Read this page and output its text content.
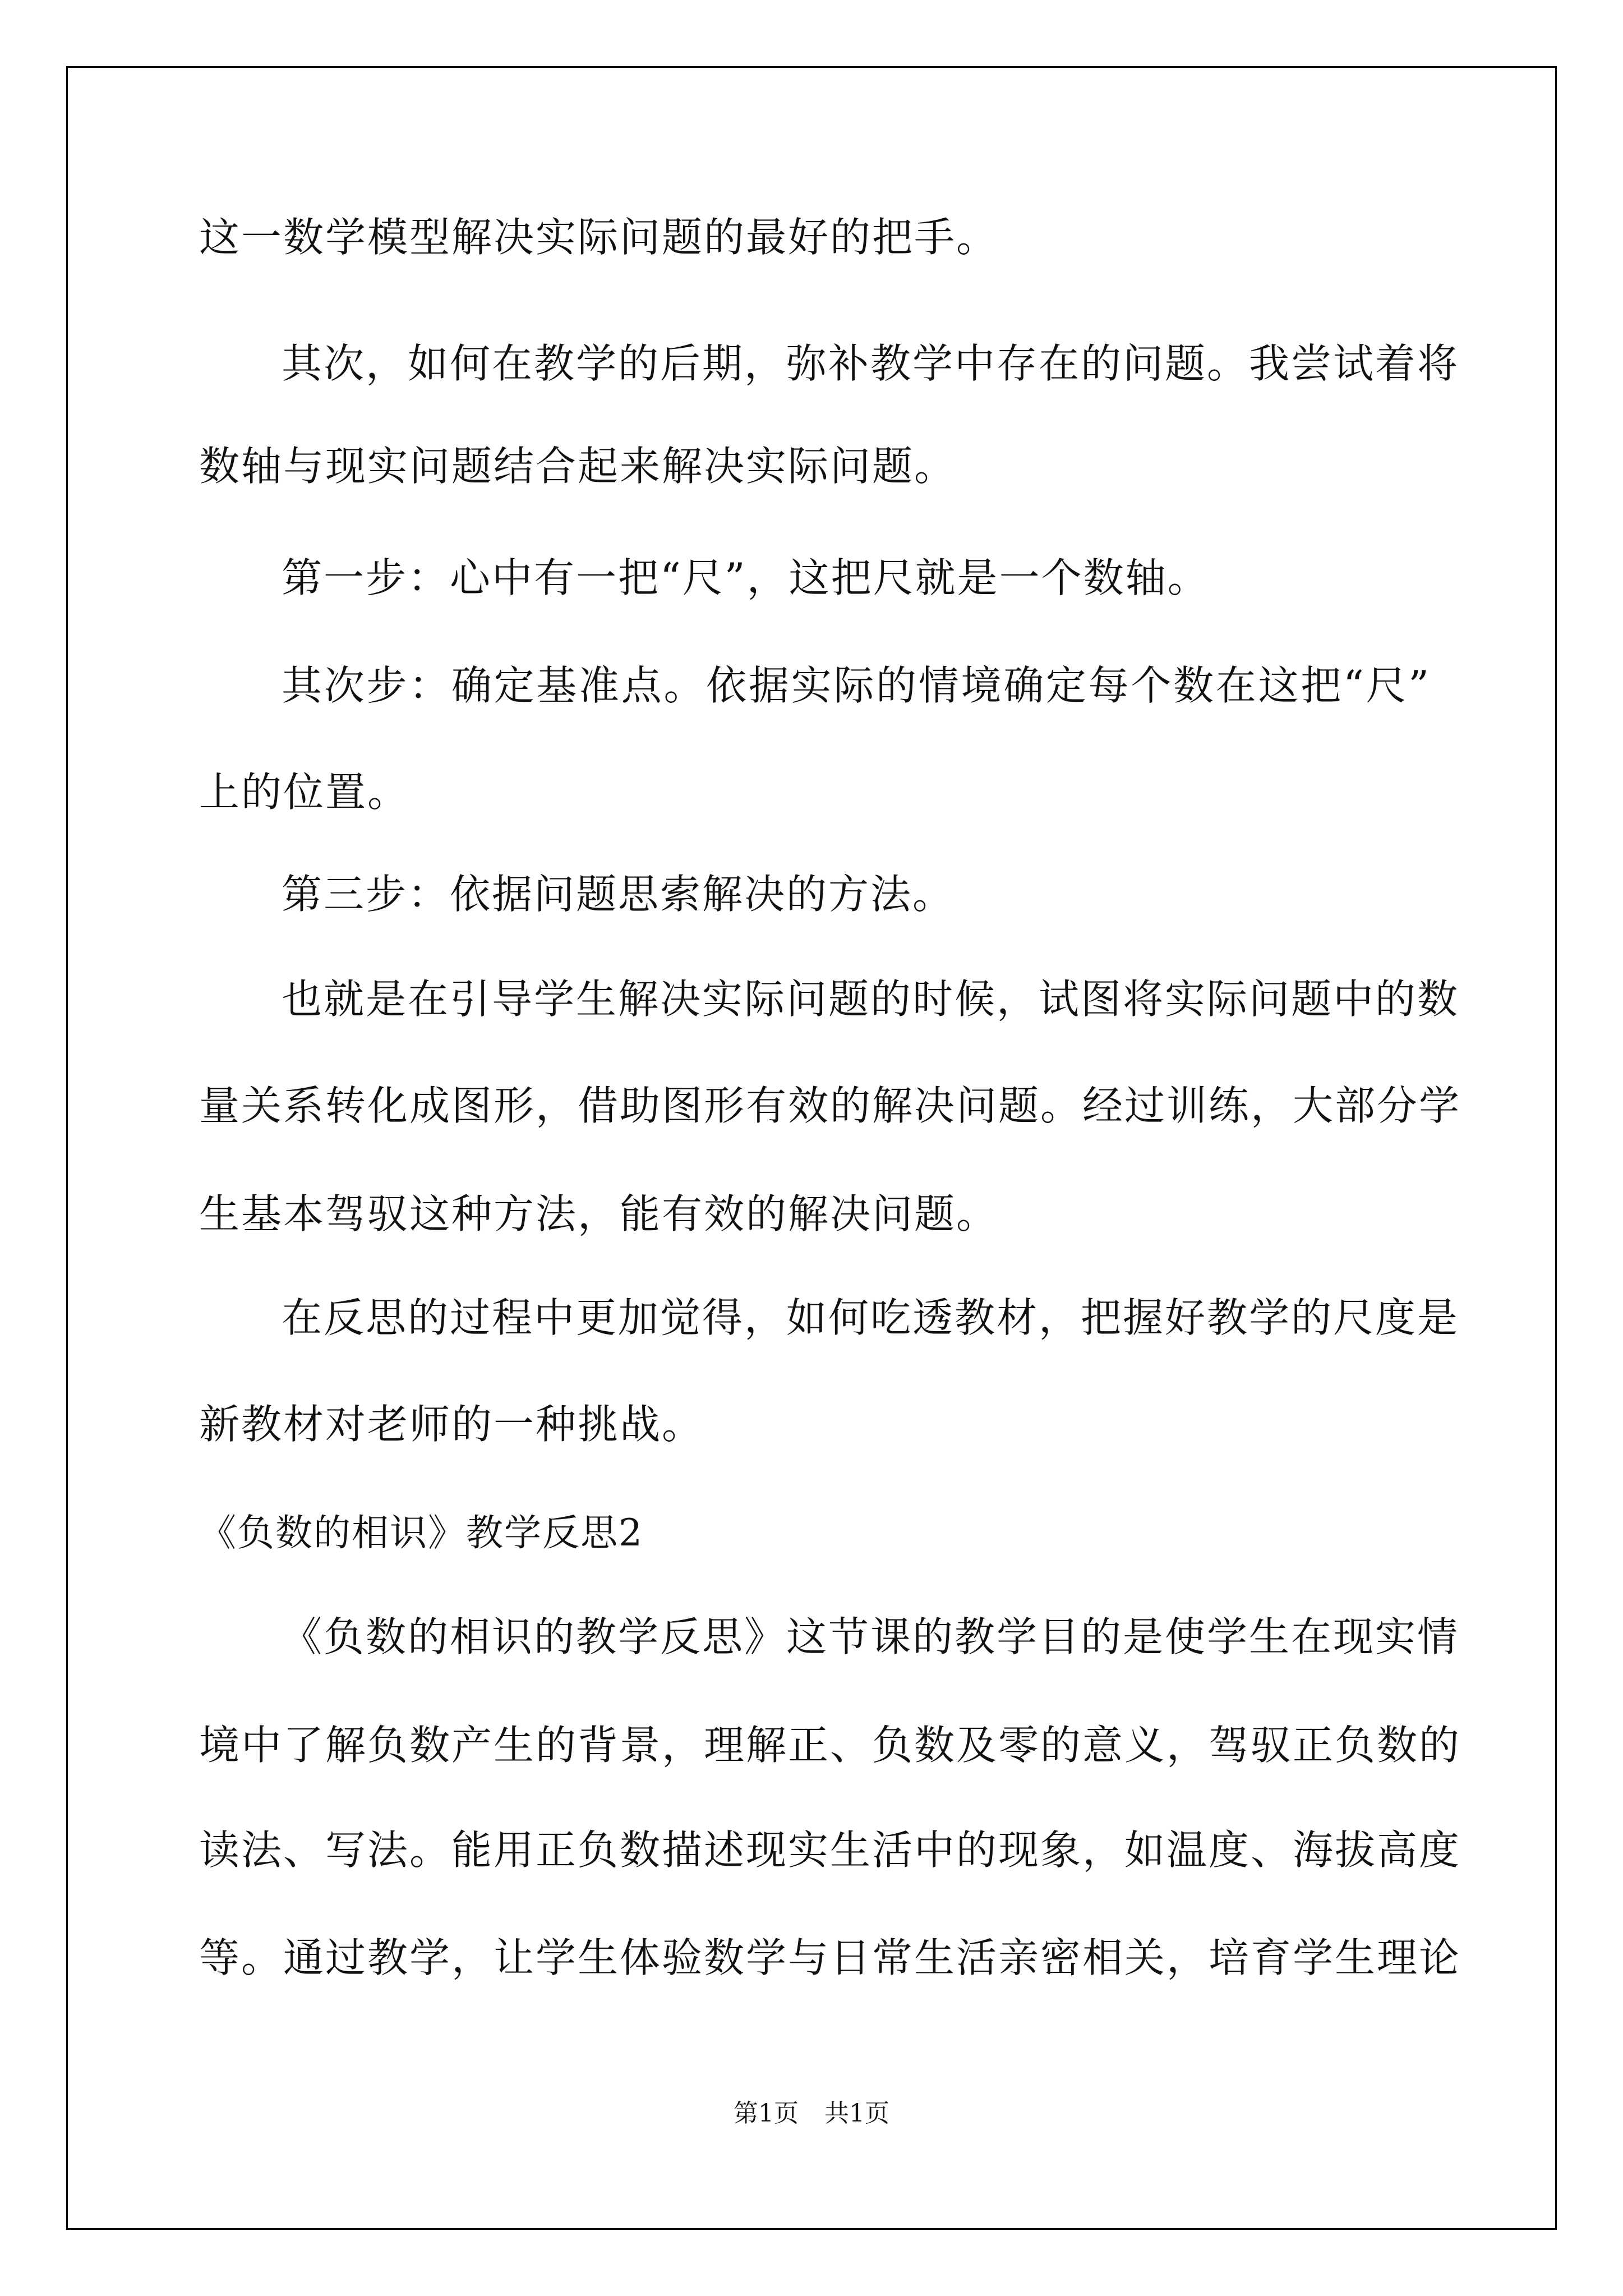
这一数学模型解决实际问题的最好的把手。

其次，如何在教学的后期，弥补教学中存在的问题。我尝试着将

数轴与现实问题结合起来解决实际问题。

第一步：心中有一把“尺”，这把尺就是一个数轴。

其次步：确定基准点。依据实际的情境确定每个数在这把“尺”

上的位置。

第三步：依据问题思索解决的方法。

也就是在引导学生解决实际问题的时候，试图将实际问题中的数

量关系转化成图形，借助图形有效的解决问题。经过训练，大部分学

生基本驾驭这种方法，能有效的解决问题。

在反思的过程中更加觉得，如何吃透教材，把握好教学的尺度是

新教材对老师的一种挑战。

《负数的相识》教学反思2

《负数的相识的教学反思》这节课的教学目的是使学生在现实情

境中了解负数产生的背景，理解正、负数及零的意义，驾驭正负数的

读法、写法。能用正负数描述现实生活中的现象，如温度、海拔高度

等。通过教学，让学生体验数学与日常生活亲密相关，培育学生理论

第1页 共1页
